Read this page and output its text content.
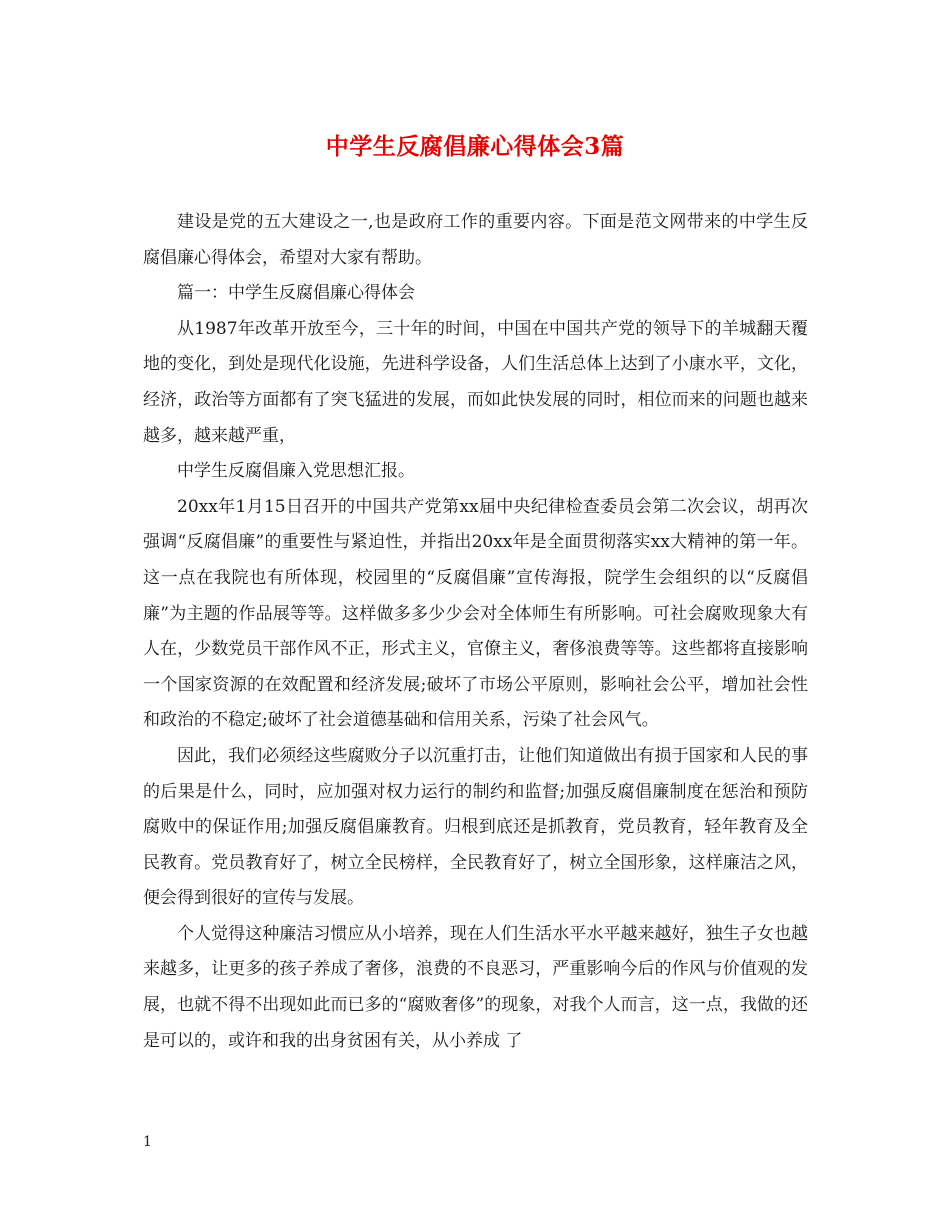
中学生反腐倡廉心得体会3篇

建设是党的五大建设之一,也是政府工作的重要内容。下面是范文网带来的中学生反腐倡廉心得体会，希望对大家有帮助。

篇一：中学生反腐倡廉心得体会

从1987年改革开放至今，三十年的时间，中国在中国共产党的领导下的羊城翻天覆地的变化，到处是现代化设施，先进科学设备，人们生活总体上达到了小康水平，文化，经济，政治等方面都有了突飞猛进的发展，而如此快发展的同时，相位而来的问题也越来越多，越来越严重，

中学生反腐倡廉入党思想汇报。

20xx年1月15日召开的中国共产党第xx届中央纪律检查委员会第二次会议，胡再次强调“反腐倡廉”的重要性与紧迫性，并指出20xx年是全面贯彻落实xx大精神的第一年。这一点在我院也有所体现，校园里的“反腐倡廉”宣传海报，院学生会组织的以“反腐倡廉”为主题的作品展等等。这样做多多少少会对全体师生有所影响。可社会腐败现象大有人在，少数党员干部作风不正，形式主义，官僚主义，奢侈浪费等等。这些都将直接影响一个国家资源的在效配置和经济发展;破坏了市场公平原则，影响社会公平，增加社会性和政治的不稳定;破坏了社会道德基础和信用关系，污染了社会风气。

因此，我们必须经这些腐败分子以沉重打击，让他们知道做出有损于国家和人民的事的后果是什么，同时，应加强对权力运行的制约和监督;加强反腐倡廉制度在惩治和预防腐败中的保证作用;加强反腐倡廉教育。归根到底还是抓教育，党员教育，轻年教育及全民教育。党员教育好了，树立全民榜样，全民教育好了，树立全国形象，这样廉洁之风，便会得到很好的宣传与发展。

个人觉得这种廉洁习惯应从小培养，现在人们生活水平水平越来越好，独生子女也越来越多，让更多的孩子养成了奢侈，浪费的不良恶习，严重影响今后的作风与价值观的发展，也就不得不出现如此而已多的“腐败奢侈”的现象，对我个人而言，这一点，我做的还是可以的，或许和我的出身贫困有关，从小养成 了

1
